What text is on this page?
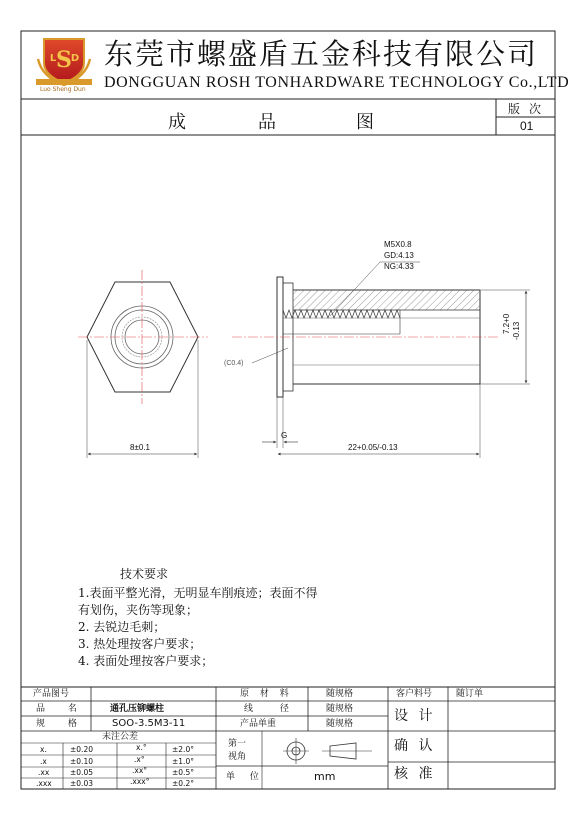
S
L D
Luo Sheng Dun
东莞市螺盛盾五金科技有限公司
DONGGUAN ROSH TONHARDWARE TECHNOLOGY Co.,LTD
成	品	图
版次
01
M5X0.8
GD:4.13
NG:4.33
(C0.4)
8±0.1	22+0.05/-0.13
G
7.2+0 -0.13
技术要求
1.表面平整光滑，无明显车削痕迹；表面不得
有划伤，夹伤等现象；
2. 去锐边毛刺；
3. 热处理按客户要求；
4. 表面处理按客户要求；
产品图号
品 名	通孔压铆螺柱
规 格	SOO-3.5M3-11
原 材 料	随规格
线 径	随规格
产品单重	随规格
客户料号	随订单
设 计
确 认
核 准
未注公差
x.	±0.20	x.°	±2.0°
.x	±0.10	.x°	±1.0°
.xx	±0.05	.xx°	±0.5°
.xxx ±0.03	.xxx°	±0.2°
第一视角
单 位	mm
